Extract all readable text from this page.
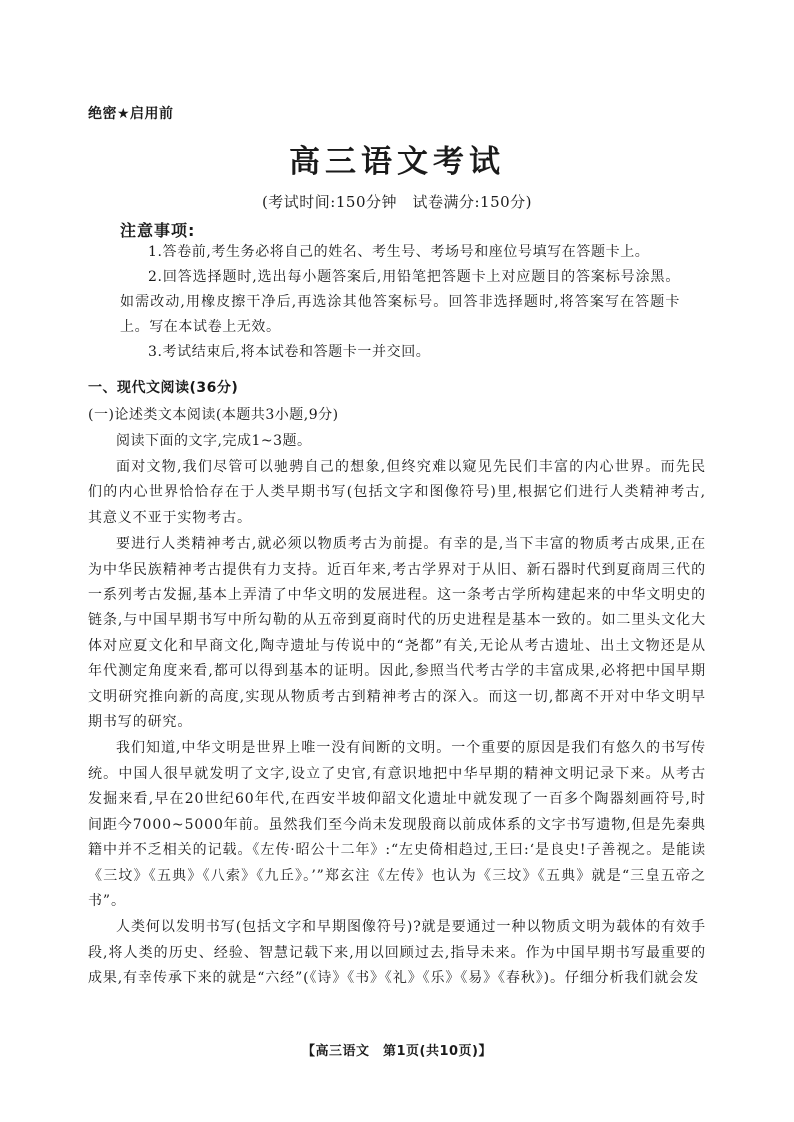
绝密★启用前
高三语文考试
(考试时间:150分钟　试卷满分:150分)
注意事项:
1.答卷前,考生务必将自己的姓名、考生号、考场号和座位号填写在答题卡上。
2.回答选择题时,选出每小题答案后,用铅笔把答题卡上对应题目的答案标号涂黑。如需改动,用橡皮擦干净后,再选涂其他答案标号。回答非选择题时,将答案写在答题卡上。写在本试卷上无效。
3.考试结束后,将本试卷和答题卡一并交回。
一、现代文阅读(36分)
(一)论述类文本阅读(本题共3小题,9分)
阅读下面的文字,完成1~3题。

面对文物,我们尽管可以驰骋自己的想象,但终究难以窥见先民们丰富的内心世界。而先民们的内心世界恰恰存在于人类早期书写(包括文字和图像符号)里,根据它们进行人类精神考古,其意义不亚于实物考古。

要进行人类精神考古,就必须以物质考古为前提。有幸的是,当下丰富的物质考古成果,正在为中华民族精神考古提供有力支持。近百年来,考古学界对于从旧、新石器时代到夏商周三代的一系列考古发掘,基本上弄清了中华文明的发展进程。这一条考古学所构建起来的中华文明史的链条,与中国早期书写中所勾勒的从五帝到夏商时代的历史进程是基本一致的。如二里头文化大体对应夏文化和早商文化,陶寺遗址与传说中的“尧都”有关,无论从考古遗址、出土文物还是从年代测定角度来看,都可以得到基本的证明。因此,参照当代考古学的丰富成果,必将把中国早期文明研究推向新的高度,实现从物质考古到精神考古的深入。而这一切,都离不开对中华文明早期书写的研究。

我们知道,中华文明是世界上唯一没有间断的文明。一个重要的原因是我们有悠久的书写传统。中国人很早就发明了文字,设立了史官,有意识地把中华早期的精神文明记录下来。从考古发掘来看,早在20世纪60年代,在西安半坡仰韶文化遗址中就发现了一百多个陶器刻画符号,时间距今7000~5000年前。虽然我们至今尚未发现殷商以前成体系的文字书写遗物,但是先秦典籍中并不乏相关的记载。《左传·昭公十二年》:“左史倚相趋过,王曰:‘是良史!子善视之。是能读《三坟》《五典》《八索》《九丘》。’”郑玄注《左传》也认为《三坟》《五典》就是“三皇五帝之书”。

人类何以发明书写(包括文字和早期图像符号)?就是要通过一种以物质文明为载体的有效手段,将人类的历史、经验、智慧记载下来,用以回顾过去,指导未来。作为中国早期书写最重要的成果,有幸传承下来的就是“六经”(《诗》《书》《礼》《乐》《易》《春秋》)。仔细分析我们就会发

【高三语文　第1页(共10页)】
